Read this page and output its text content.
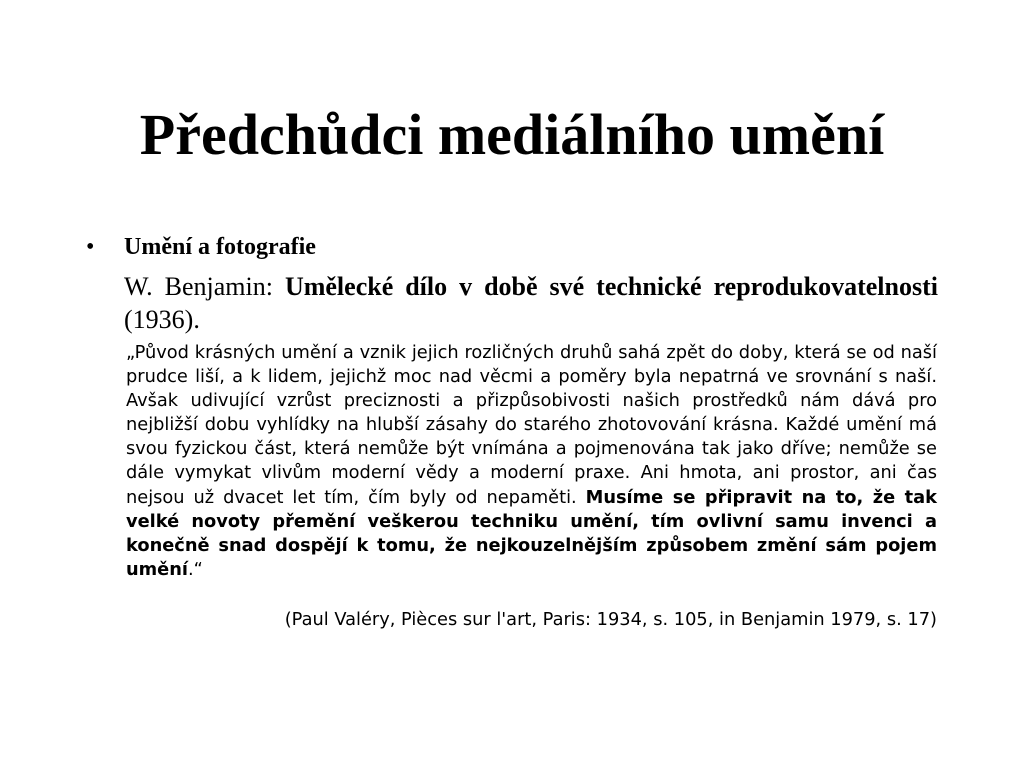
Předchůdci mediálního umění
• Umění a fotografie

W. Benjamin: Umělecké dílo v době své technické reprodukovatelnosti (1936).

„Původ krásných umění a vznik jejich rozličných druhů sahá zpět do doby, která se od naší prudce liší, a k lidem, jejichž moc nad věcmi a poměry byla nepatrná ve srovnání s naší. Avšak udivující vzrůst preciznosti a přizpůsobivosti našich prostředků nám dává pro nejbližší dobu vyhlídky na hlubší zásahy do starého zhotovování krásna. Každé umění má svou fyzickou část, která nemůže být vnímána a pojmenována tak jako dříve; nemůže se dále vymykat vlivům moderní vědy a moderní praxe. Ani hmota, ani prostor, ani čas nejsou už dvacet let tím, čím byly od nepaměti. Musíme se připravit na to, že tak velké novoty přemění veškerou techniku umění, tím ovlivní samu invenci a konečně snad dospějí k tomu, že nejkouzelnějším způsobem změní sám pojem umění.“

(Paul Valéry, Pièces sur l'art, Paris: 1934, s. 105, in Benjamin 1979, s. 17)
